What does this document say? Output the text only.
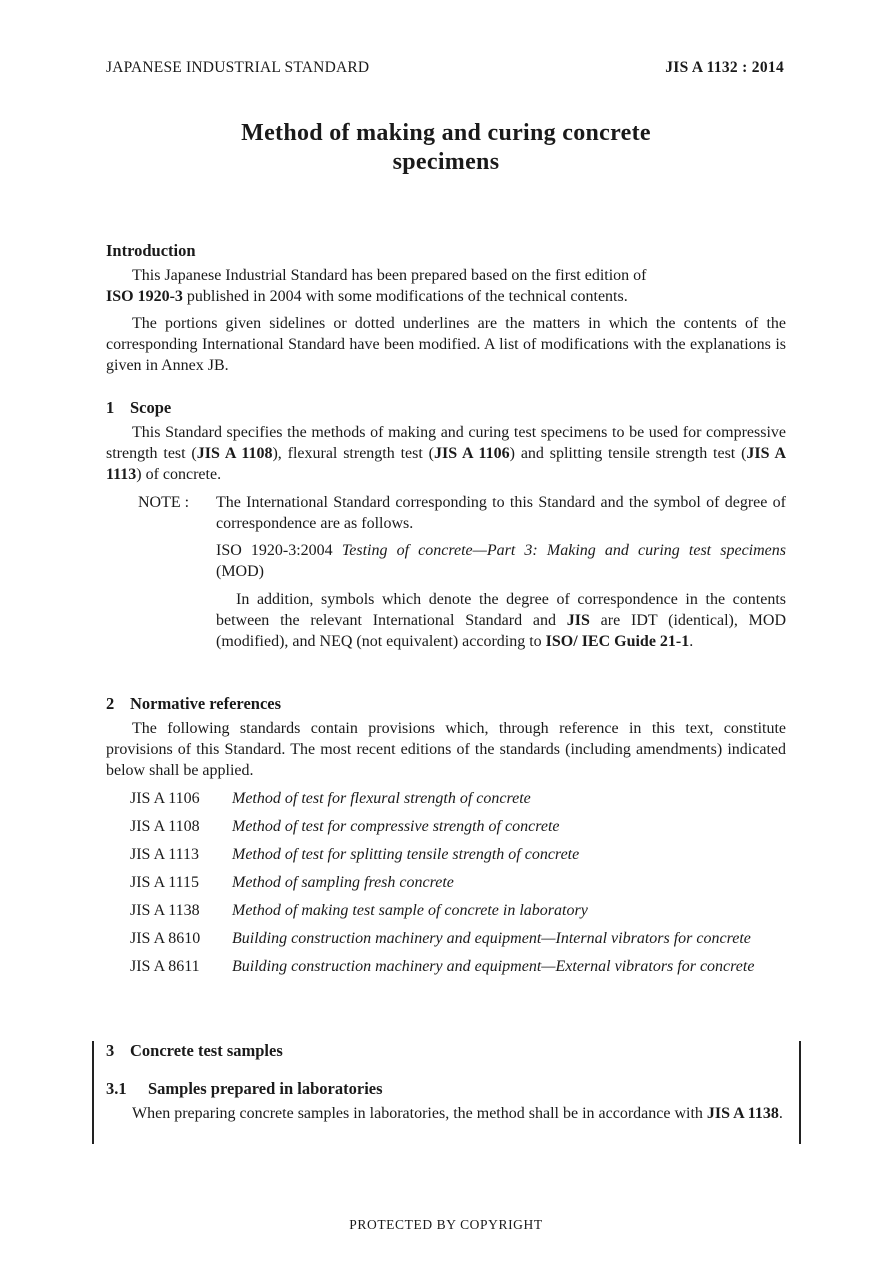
JAPANESE INDUSTRIAL STANDARD	JIS A 1132 : 2014
Method of making and curing concrete
specimens
Introduction

This Japanese Industrial Standard has been prepared based on the first edition of
ISO 1920-3 published in 2004 with some modifications of the technical contents.

The portions given sidelines or dotted underlines are the matters in which the contents of the corresponding International Standard have been modified. A list of modifications with the explanations is given in Annex JB.

1 Scope

This Standard specifies the methods of making and curing test specimens to be used for compressive strength test (JIS A 1108), flexural strength test (JIS A 1106) and splitting tensile strength test (JIS A 1113) of concrete.

NOTE : The International Standard corresponding to this Standard and the symbol of degree of correspondence are as follows.

ISO 1920-3:2004 Testing of concrete—Part 3: Making and curing test specimens (MOD)

In addition, symbols which denote the degree of correspondence in the contents between the relevant International Standard and JIS are IDT (identical), MOD (modified), and NEQ (not equivalent) according to ISO/ IEC Guide 21-1.

2 Normative references

The following standards contain provisions which, through reference in this text, constitute provisions of this Standard. The most recent editions of the standards (including amendments) indicated below shall be applied.

JIS A 1106	Method of test for flexural strength of concrete
JIS A 1108	Method of test for compressive strength of concrete
JIS A 1113	Method of test for splitting tensile strength of concrete
JIS A 1115	Method of sampling fresh concrete
JIS A 1138	Method of making test sample of concrete in laboratory
JIS A 8610	Building construction machinery and equipment—Internal vibrators for concrete
JIS A 8611	Building construction machinery and equipment—External vibrators for concrete
3 Concrete test samples
3.1 Samples prepared in laboratories

When preparing concrete samples in laboratories, the method shall be in accordance with JIS A 1138.

PROTECTED BY COPYRIGHT
